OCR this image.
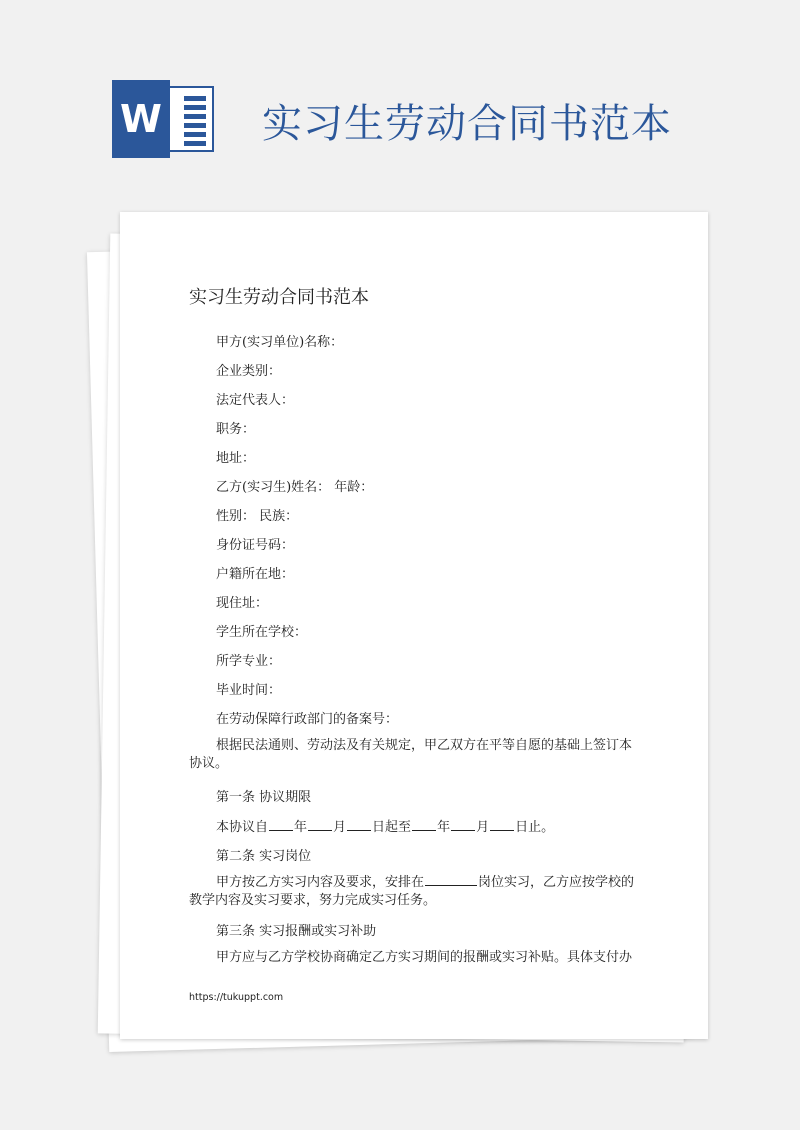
W	实习生劳动合同书范本
实习生劳动合同书范本
甲方(实习单位)名称：
企业类别：
法定代表人：
职务：
地址：
乙方(实习生)姓名： 年龄：
性别： 民族：
身份证号码：
户籍所在地：
现住址：
学生所在学校：
所学专业：
毕业时间：
在劳动保障行政部门的备案号：
根据民法通则、劳动法及有关规定，甲乙双方在平等自愿的基础上签订本协议。
第一条 协议期限
本协议自 年 月 日起至 年 月 日止。
第二条 实习岗位
甲方按乙方实习内容及要求，安排在	岗位实习，乙方应按学校的教学内容及实习要求，努力完成实习任务。
第三条 实习报酬或实习补助
甲方应与乙方学校协商确定乙方实习期间的报酬或实习补贴。具体支付办
https://tukuppt.com
